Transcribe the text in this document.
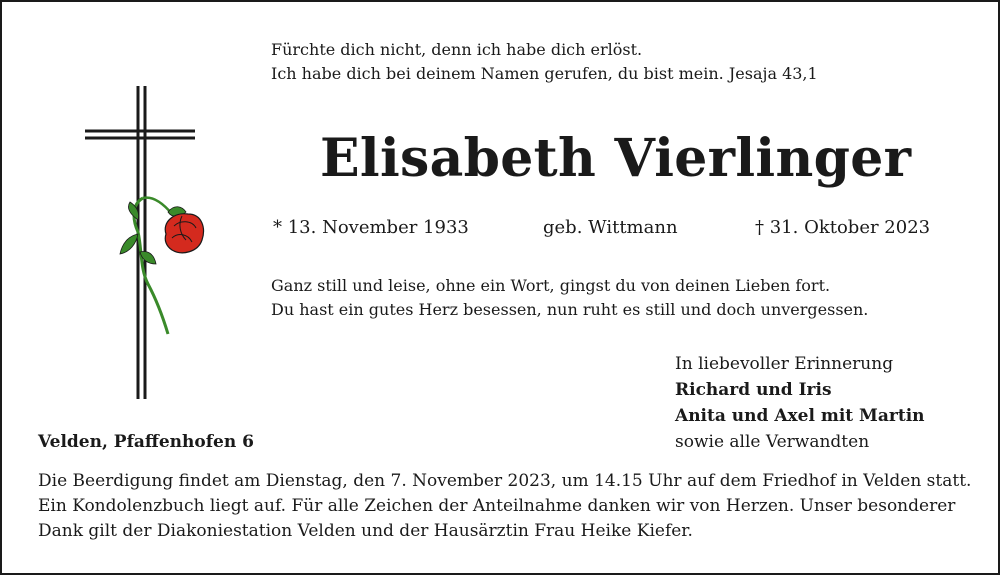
Fürchte dich nicht, denn ich habe dich erlöst.
Ich habe dich bei deinem Namen gerufen, du bist mein. Jesaja 43,1
Elisabeth Vierlinger
* 13. November 1933	geb. Wittmann	† 31. Oktober 2023
Ganz still und leise, ohne ein Wort, gingst du von deinen Lieben fort.
Du hast ein gutes Herz besessen, nun ruht es still und doch unvergessen.
In liebevoller Erinnerung
Richard und Iris
Anita und Axel mit Martin
sowie alle Verwandten
Velden, Pfaffenhofen 6
Die Beerdigung findet am Dienstag, den 7. November 2023, um 14.15 Uhr auf dem Friedhof in Velden statt.
Ein Kondolenzbuch liegt auf. Für alle Zeichen der Anteilnahme danken wir von Herzen. Unser besonderer
Dank gilt der Diakoniestation Velden und der Hausärztin Frau Heike Kiefer.
